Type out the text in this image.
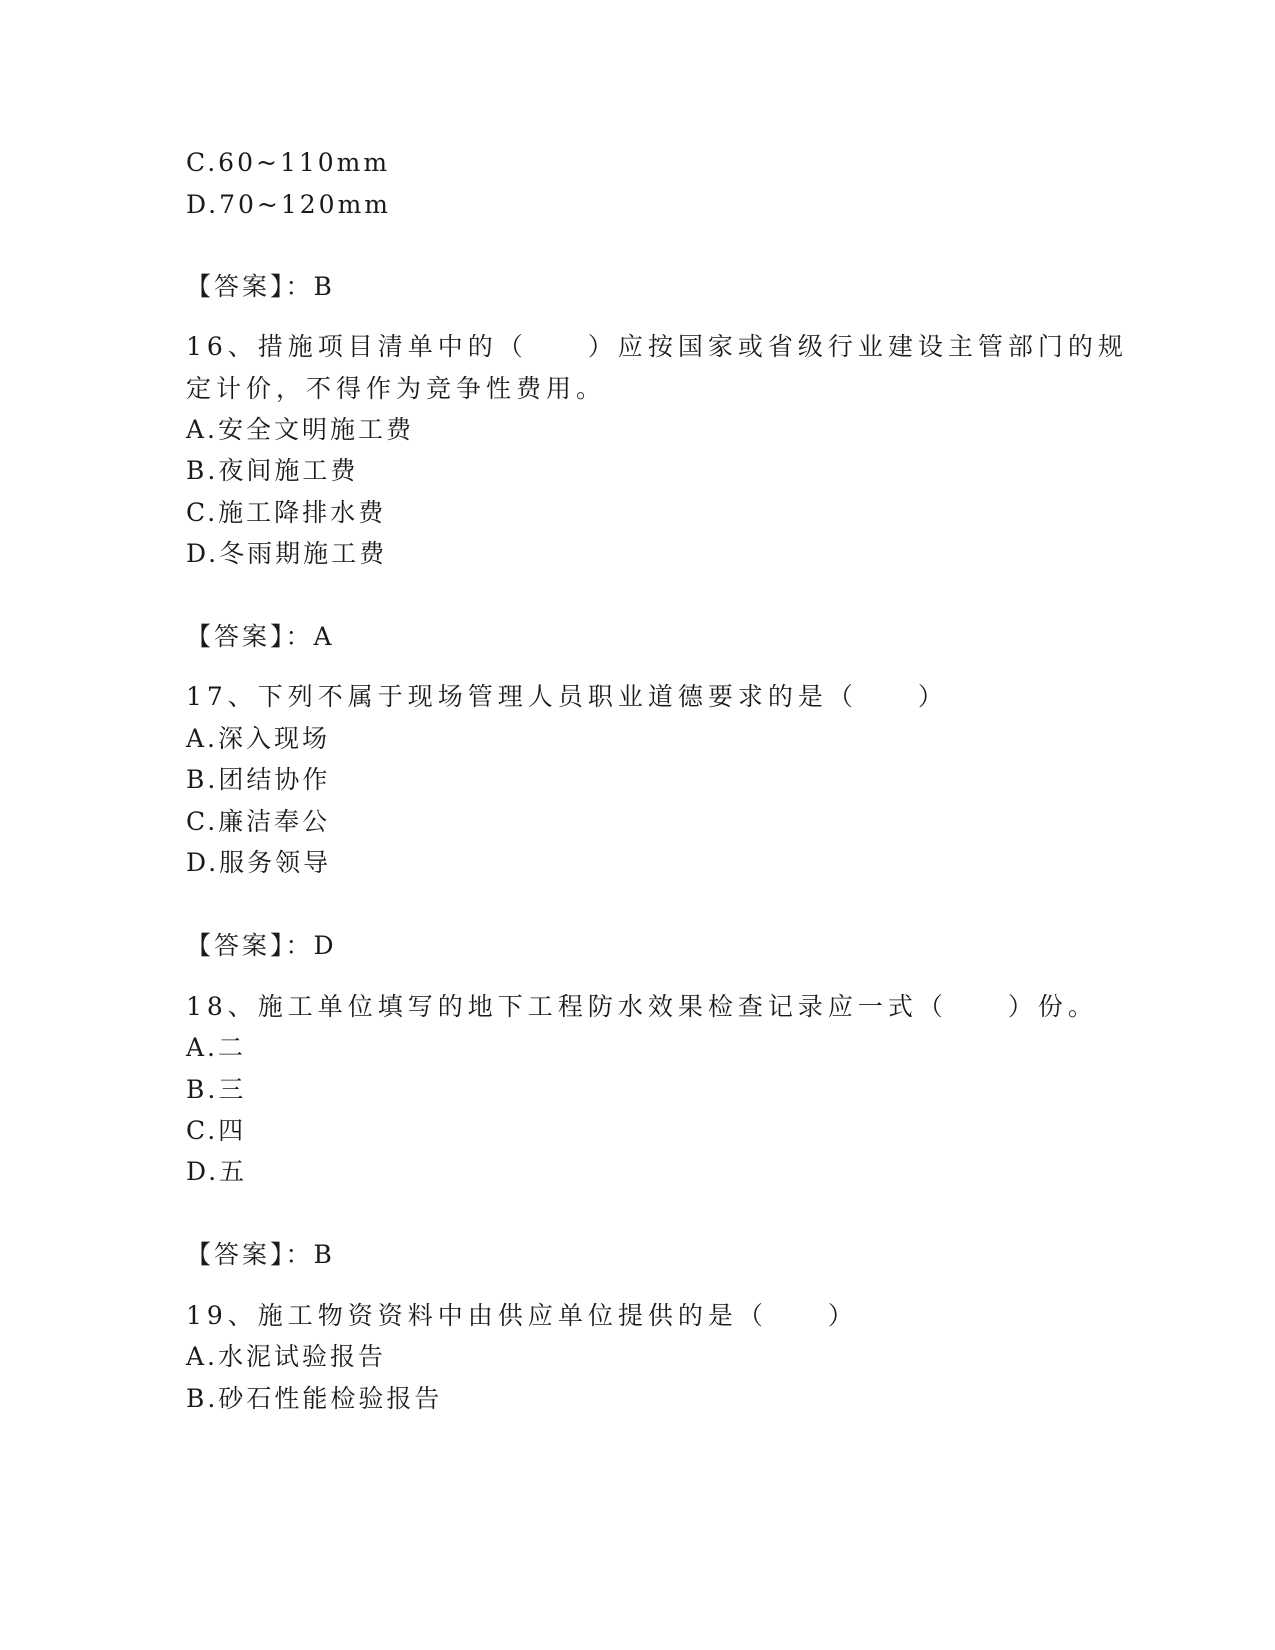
C.60~110mm
D.70~120mm
【答案】：B
16、措施项目清单中的（　　）应按国家或省级行业建设主管部门的规
定计价，不得作为竞争性费用。
A.安全文明施工费
B.夜间施工费
C.施工降排水费
D.冬雨期施工费
【答案】：A
17、下列不属于现场管理人员职业道德要求的是（　　）
A.深入现场
B.团结协作
C.廉洁奉公
D.服务领导
【答案】：D
18、施工单位填写的地下工程防水效果检查记录应一式（　　）份。
A.二
B.三
C.四
D.五
【答案】：B
19、施工物资资料中由供应单位提供的是（　　）
A.水泥试验报告
B.砂石性能检验报告
